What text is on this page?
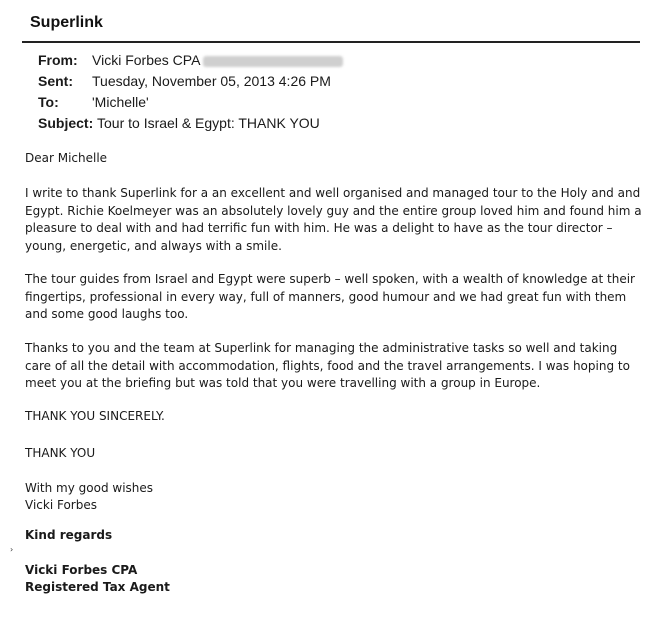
Superlink
From:	Vicki Forbes CPA
Sent:	Tuesday, November 05, 2013 4:26 PM
To:	'Michelle'
Subject: Tour to Israel & Egypt: THANK YOU
Dear Michelle
I write to thank Superlink for a an excellent and well organised and managed tour to the Holy and and Egypt. Richie Koelmeyer was an absolutely lovely guy and the entire group loved him and found him a pleasure to deal with and had terrific fun with him. He was a delight to have as the tour director – young, energetic, and always with a smile.
The tour guides from Israel and Egypt were superb – well spoken, with a wealth of knowledge at their fingertips, professional in every way, full of manners, good humour and we had great fun with them and some good laughs too.
Thanks to you and the team at Superlink for managing the administrative tasks so well and taking care of all the detail with accommodation, flights, food and the travel arrangements. I was hoping to meet you at the briefing but was told that you were travelling with a group in Europe.
THANK YOU SINCERELY.
THANK YOU
With my good wishes
Vicki Forbes
Kind regards
›
Vicki Forbes CPA
Registered Tax Agent
